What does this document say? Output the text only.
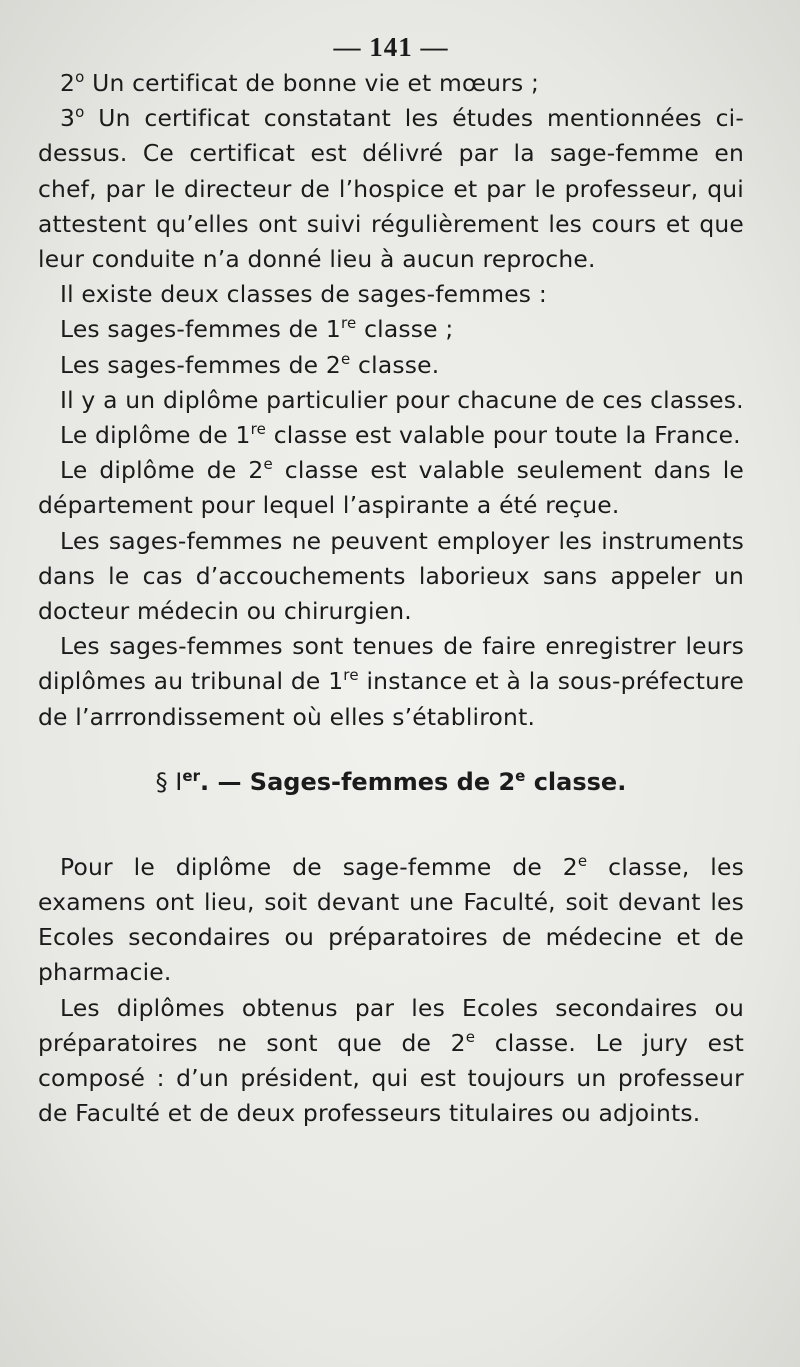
— 141 —

2$^o$ Un certificat de bonne vie et mœurs ;

3$^o$ Un certificat constatant les études mentionnées ci-dessus. Ce certificat est délivré par la sage-femme en chef, par le directeur de l’hospice et par le professeur, qui attestent qu’elles ont suivi régulièrement les cours et que leur conduite n’a donné lieu à aucun reproche.

Il existe deux classes de sages-femmes :

Les sages-femmes de 1re classe ;

Les sages-femmes de 2e classe.

Il y a un diplôme particulier pour chacune de ces classes.

Le diplôme de 1re classe est valable pour toute la France.

Le diplôme de 2e classe est valable seulement dans le département pour lequel l’aspirante a été reçue.

Les sages-femmes ne peuvent employer les instruments dans le cas d’accouchements laborieux sans appeler un docteur médecin ou chirurgien.

Les sages-femmes sont tenues de faire enregistrer leurs diplômes au tribunal de 1re instance et à la sous-préfecture de l’arrrondissement où elles s’établiront.

§ Ier. — Sages-femmes de 2e classe.

Pour le diplôme de sage-femme de 2e classe, les examens ont lieu, soit devant une Faculté, soit devant les Ecoles secondaires ou préparatoires de médecine et de pharmacie.

Les diplômes obtenus par les Ecoles secondaires ou préparatoires ne sont que de 2e classe. Le jury est composé : d’un président, qui est toujours un professeur de Faculté et de deux professeurs titulaires ou adjoints.
